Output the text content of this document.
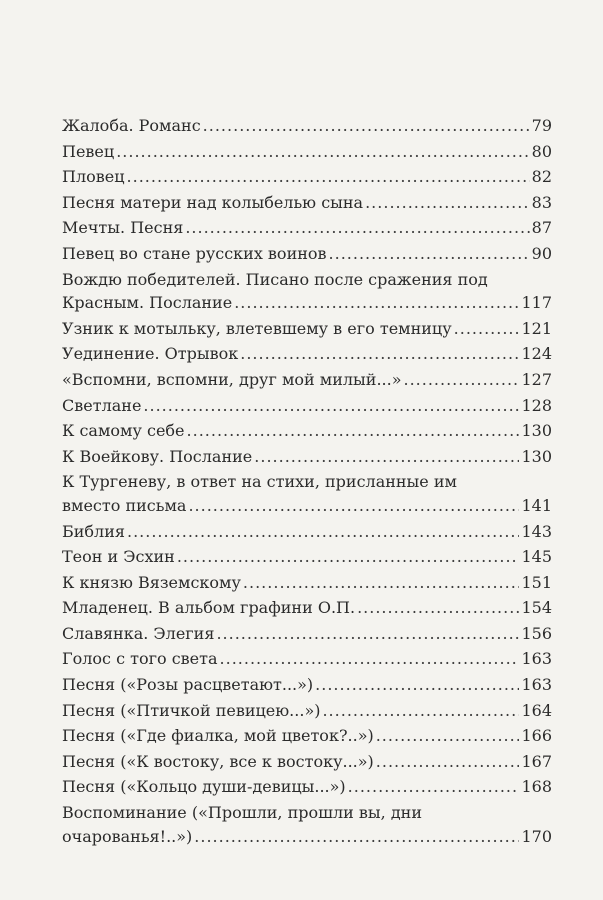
Жалоба. Романс .....	79
Певец .....	80
Пловец .....	82
Песня матери над колыбелью сына .....	83
Мечты. Песня .....	87
Певец во стане русских воинов .....	90
Вождю победителей. Писано после сражения под
Красным. Послание .....	117
Узник к мотыльку, влетевшему в его темницу .....	121
Уединение. Отрывок .....	124
«Вспомни, вспомни, друг мой милый...» .....	127
Светлане .....	128
К самому себе .....	130
К Воейкову. Послание .....	130
К Тургеневу, в ответ на стихи, присланные им
вместо письма .....	141
Библия .....	143
Теон и Эсхин .....	145
К князю Вяземскому .....	151
Младенец. В альбом графини О.П. .....	154
Славянка. Элегия .....	156
Голос с того света .....	163
Песня («Розы расцветают...») .....	163
Песня («Птичкой певицею...») .....	164
Песня («Где фиалка, мой цветок?..») .....	166
Песня («К востоку, все к востоку...») .....	167
Песня («Кольцо души-девицы...») .....	168
Воспоминание («Прошли, прошли вы, дни
очарованья!..») .....	170
